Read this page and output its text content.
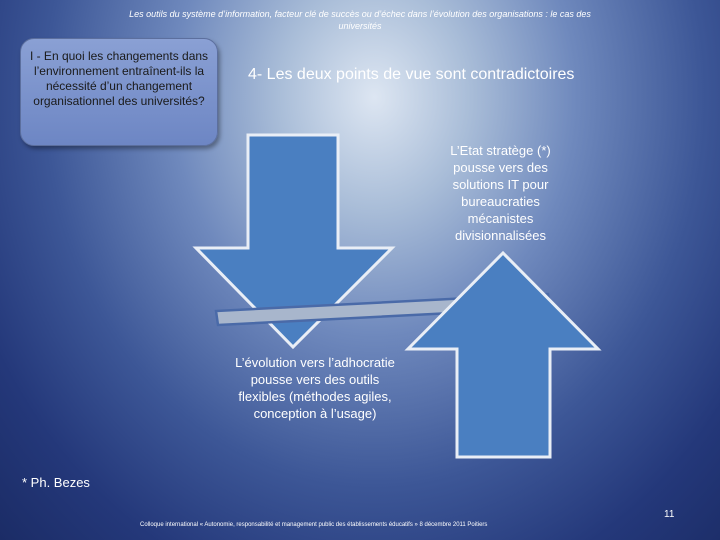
Les outils du système d’information, facteur clé de succès ou d’échec dans l’évolution des organisations : le cas des universités
I - En quoi les changements dans l’environnement entraînent-ils la nécessité d’un changement organisationnel des universités?
4- Les deux points de vue sont contradictoires
L’Etat stratège (*) pousse vers des solutions IT pour bureaucraties mécanistes divisionnalisées
L’évolution vers l’adhocratie pousse vers des outils flexibles (méthodes agiles, conception à l’usage)
* Ph. Bezes
11
Colloque international « Autonomie, responsabilité et management public des établissements éducatifs » 8 décembre 2011 Poitiers
